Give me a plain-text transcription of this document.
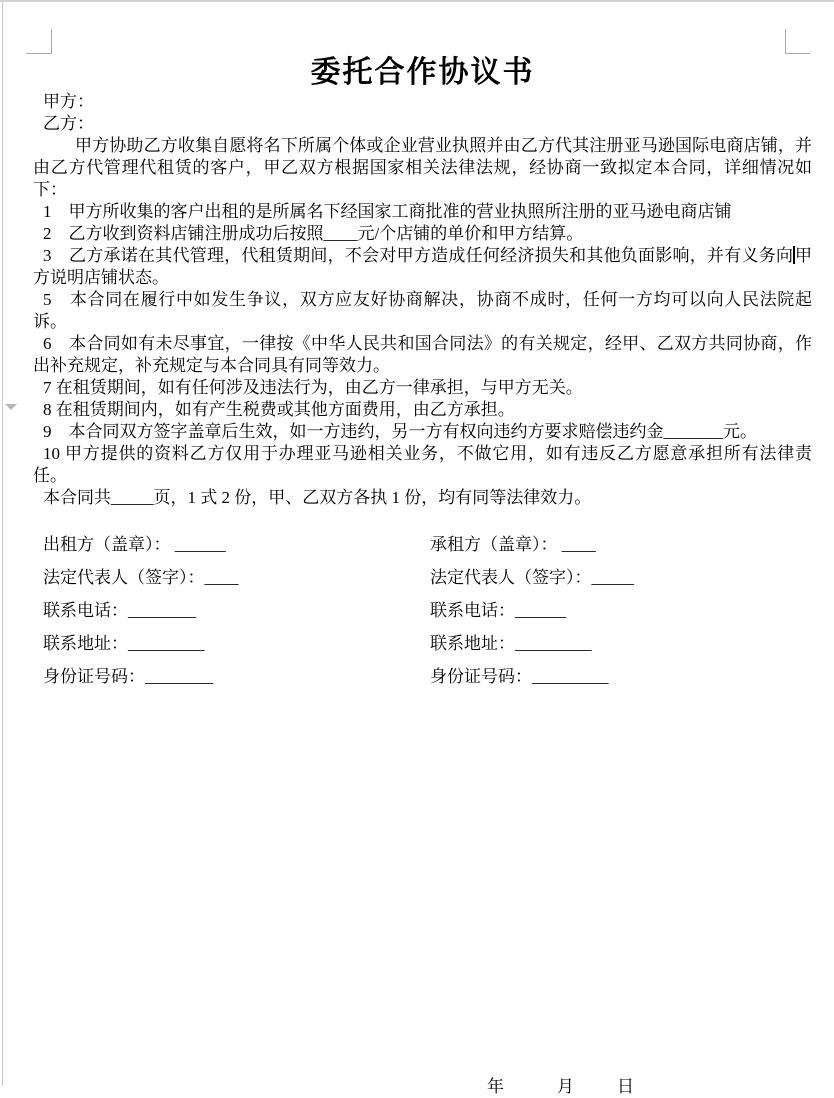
委托合作协议书

甲方：

乙方：

甲方协助乙方收集自愿将名下所属个体或企业营业执照并由乙方代其注册亚马逊国际电商店铺，并由乙方代管理代租赁的客户，甲乙双方根据国家相关法律法规，经协商一致拟定本合同，详细情况如下：

1　甲方所收集的客户出租的是所属名下经国家工商批准的营业执照所注册的亚马逊电商店铺

2　乙方收到资料店铺注册成功后按照____元/个店铺的单价和甲方结算。

3　乙方承诺在其代管理，代租赁期间，不会对甲方造成任何经济损失和其他负面影响，并有义务向甲方说明店铺状态。

5　本合同在履行中如发生争议，双方应友好协商解决，协商不成时，任何一方均可以向人民法院起诉。

6　本合同如有未尽事宜，一律按《中华人民共和国合同法》的有关规定，经甲、乙双方共同协商，作出补充规定，补充规定与本合同具有同等效力。

7 在租赁期间，如有任何涉及违法行为，由乙方一律承担，与甲方无关。

8 在租赁期间内，如有产生税费或其他方面费用，由乙方承担。

9　本合同双方签字盖章后生效，如一方违约，另一方有权向违约方要求赔偿违约金_______元。

10 甲方提供的资料乙方仅用于办理亚马逊相关业务，不做它用，如有违反乙方愿意承担所有法律责任。

本合同共_____页，1 式 2 份，甲、乙双方各执 1 份，均有同等法律效力。

出租方（盖章）： ______	承租方（盖章）： ____

法定代表人（签字）：____	法定代表人（签字）：_____

联系电话：________	联系电话：______

联系地址：_________	联系地址：_________

身份证号码：________	身份证号码：_________

年	月	日
